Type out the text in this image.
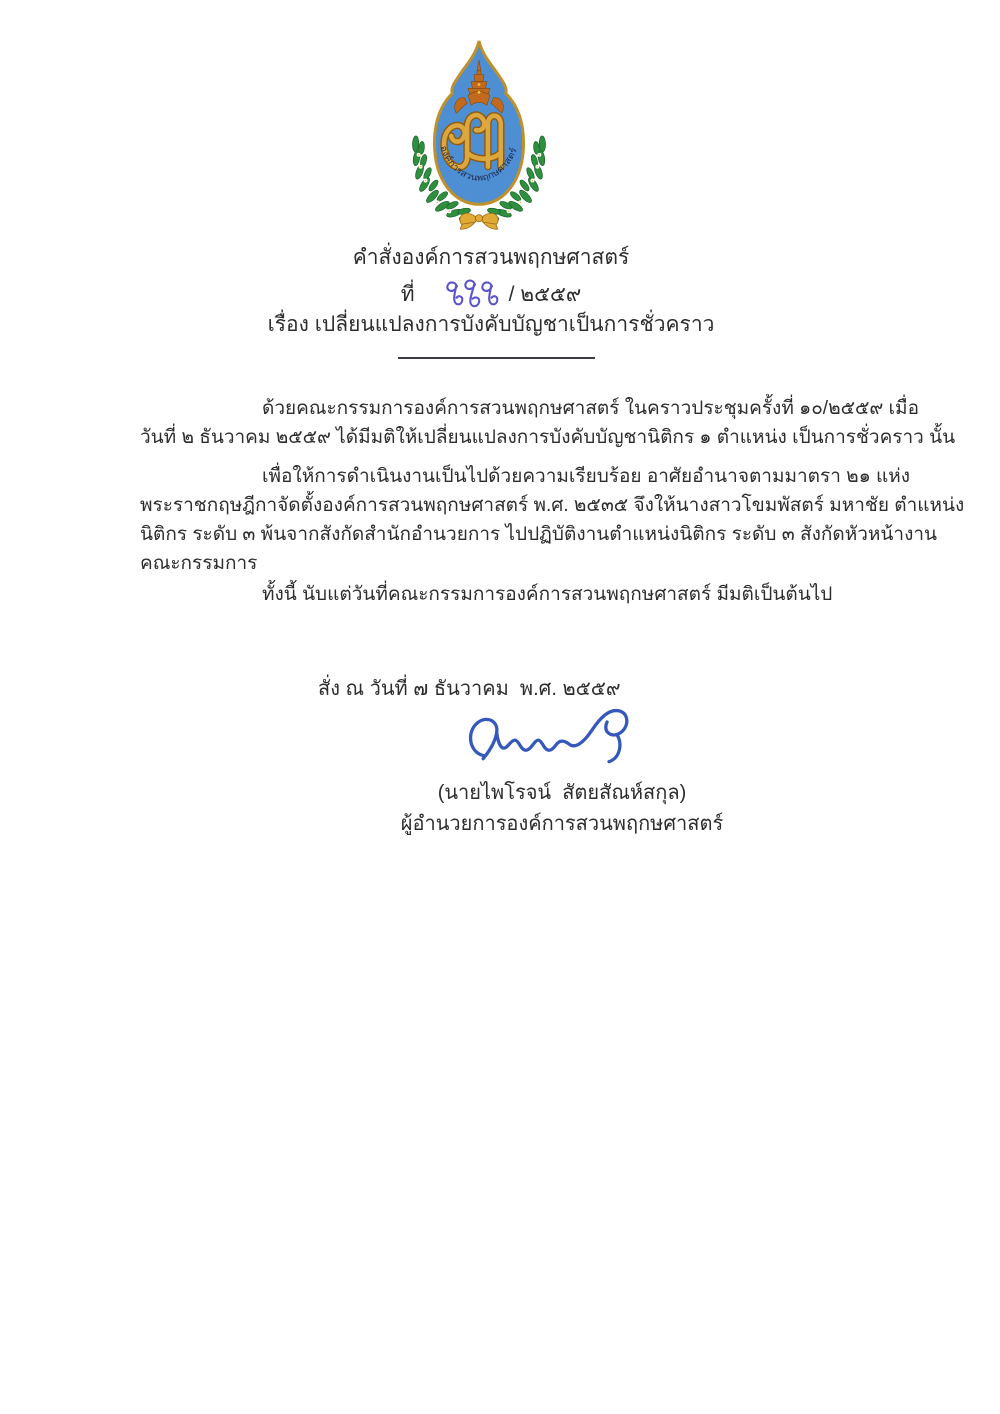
องค์การสวนพฤกษศาสตร์
คำสั่งองค์การสวนพฤกษศาสตร์
ที่	/ ๒๕๕๙
เรื่อง เปลี่ยนแปลงการบังคับบัญชาเป็นการชั่วคราว
ด้วยคณะกรรมการองค์การสวนพฤกษศาสตร์ ในคราวประชุมครั้งที่ ๑๐/๒๕๕๙ เมื่อ
วันที่ ๒ ธันวาคม ๒๕๕๙ ได้มีมติให้เปลี่ยนแปลงการบังคับบัญชานิติกร ๑ ตำแหน่ง เป็นการชั่วคราว นั้น
เพื่อให้การดำเนินงานเป็นไปด้วยความเรียบร้อย อาศัยอำนาจตามมาตรา ๒๑ แห่ง
พระราชกฤษฎีกาจัดตั้งองค์การสวนพฤกษศาสตร์ พ.ศ. ๒๕๓๕ จึงให้นางสาวโขมพัสตร์ มหาชัย ตำแหน่ง
นิติกร ระดับ ๓ พ้นจากสังกัดสำนักอำนวยการ ไปปฏิบัติงานตำแหน่งนิติกร ระดับ ๓ สังกัดหัวหน้างาน
คณะกรรมการ
ทั้งนี้ นับแต่วันที่คณะกรรมการองค์การสวนพฤกษศาสตร์ มีมติเป็นต้นไป
สั่ง ณ วันที่ ๗ ธันวาคม  พ.ศ. ๒๕๕๙
(นายไพโรจน์  สัตยสัณห์สกุล)
ผู้อำนวยการองค์การสวนพฤกษศาสตร์
